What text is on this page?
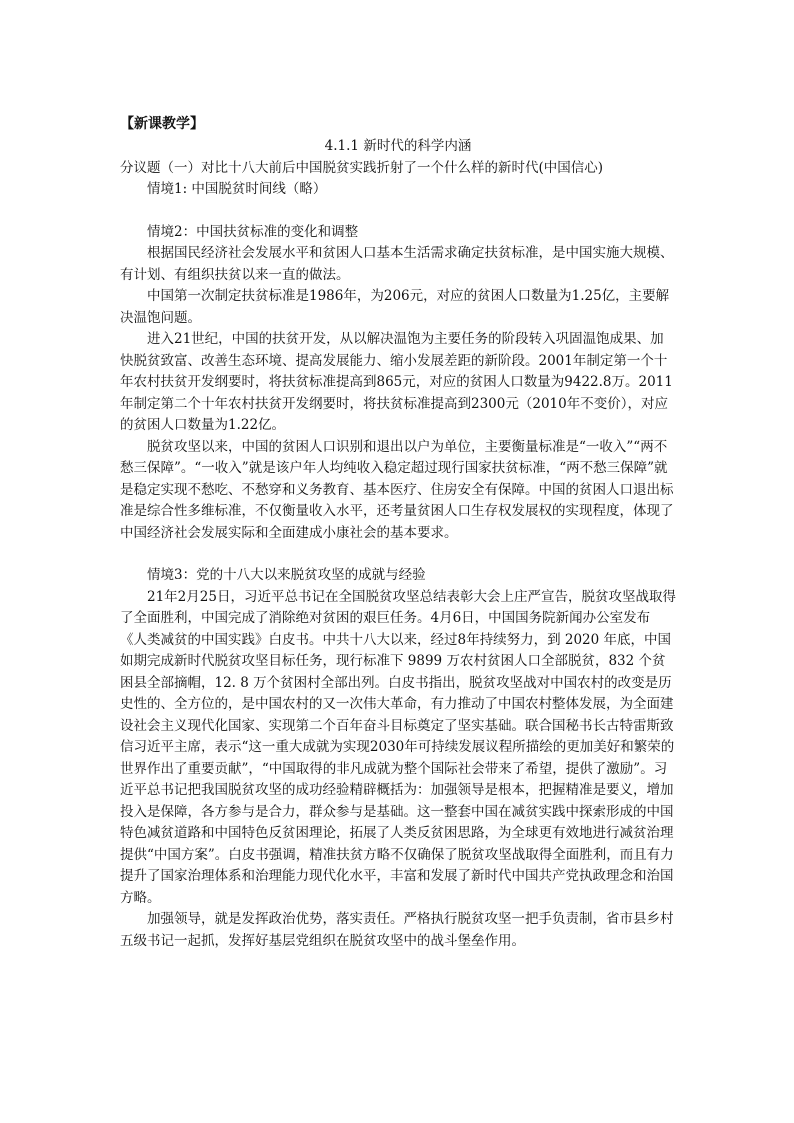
【新课教学】

4.1.1 新时代的科学内涵

分议题（一）对比十八大前后中国脱贫实践折射了一个什么样的新时代(中国信心)

情境1: 中国脱贫时间线（略）

情境2：中国扶贫标准的变化和调整

根据国民经济社会发展水平和贫困人口基本生活需求确定扶贫标准，是中国实施大规模、有计划、有组织扶贫以来一直的做法。

中国第一次制定扶贫标准是1986年，为206元，对应的贫困人口数量为1.25亿，主要解决温饱问题。

进入21世纪，中国的扶贫开发，从以解决温饱为主要任务的阶段转入巩固温饱成果、加快脱贫致富、改善生态环境、提高发展能力、缩小发展差距的新阶段。2001年制定第一个十年农村扶贫开发纲要时，将扶贫标准提高到865元，对应的贫困人口数量为9422.8万。2011年制定第二个十年农村扶贫开发纲要时，将扶贫标准提高到2300元（2010年不变价），对应的贫困人口数量为1.22亿。

脱贫攻坚以来，中国的贫困人口识别和退出以户为单位，主要衡量标准是“一收入”“两不愁三保障”。“一收入”就是该户年人均纯收入稳定超过现行国家扶贫标准，“两不愁三保障”就是稳定实现不愁吃、不愁穿和义务教育、基本医疗、住房安全有保障。中国的贫困人口退出标准是综合性多维标准，不仅衡量收入水平，还考量贫困人口生存权发展权的实现程度，体现了中国经济社会发展实际和全面建成小康社会的基本要求。

情境3：党的十八大以来脱贫攻坚的成就与经验

21年2月25日，习近平总书记在全国脱贫攻坚总结表彰大会上庄严宣告，脱贫攻坚战取得了全面胜利，中国完成了消除绝对贫困的艰巨任务。4月6日，中国国务院新闻办公室发布《人类减贫的中国实践》白皮书。中共十八大以来，经过8年持续努力，到 2020 年底，中国如期完成新时代脱贫攻坚目标任务，现行标准下 9899 万农村贫困人口全部脱贫，832 个贫困县全部摘帽，12. 8 万个贫困村全部出列。白皮书指出，脱贫攻坚战对中国农村的改变是历史性的、全方位的，是中国农村的又一次伟大革命，有力推动了中国农村整体发展，为全面建设社会主义现代化国家、实现第二个百年奋斗目标奠定了坚实基础。联合国秘书长古特雷斯致信习近平主席，表示“这一重大成就为实现2030年可持续发展议程所描绘的更加美好和繁荣的世界作出了重要贡献”，“中国取得的非凡成就为整个国际社会带来了希望，提供了激励”。习近平总书记把我国脱贫攻坚的成功经验精辟概括为：加强领导是根本，把握精准是要义，增加投入是保障，各方参与是合力，群众参与是基础。这一整套中国在减贫实践中探索形成的中国特色减贫道路和中国特色反贫困理论，拓展了人类反贫困思路，为全球更有效地进行减贫治理提供“中国方案”。白皮书强调，精准扶贫方略不仅确保了脱贫攻坚战取得全面胜利，而且有力提升了国家治理体系和治理能力现代化水平，丰富和发展了新时代中国共产党执政理念和治国方略。

加强领导，就是发挥政治优势，落实责任。严格执行脱贫攻坚一把手负责制，省市县乡村五级书记一起抓，发挥好基层党组织在脱贫攻坚中的战斗堡垒作用。
